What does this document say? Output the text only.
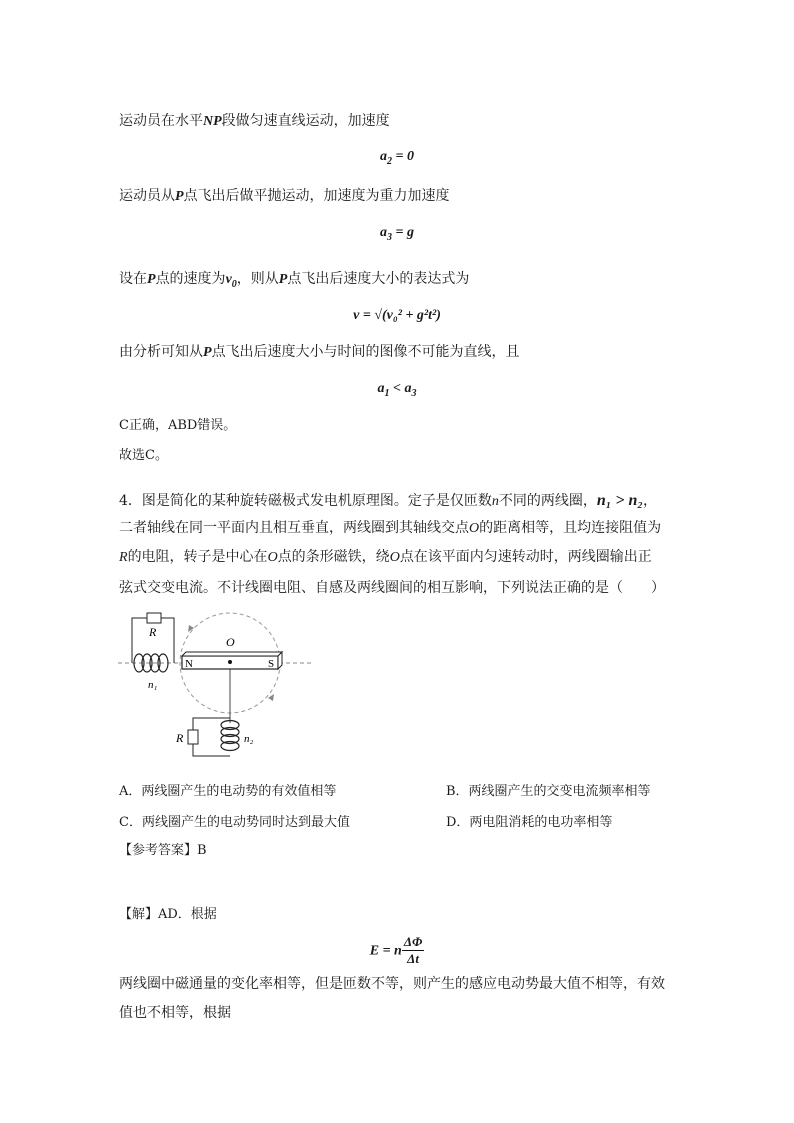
运动员在水平NP段做匀速直线运动，加速度
$a_2 = 0$
运动员从P点飞出后做平抛运动，加速度为重力加速度
$a_3 = g$
设在P点的速度为$v_0$，则从P点飞出后速度大小的表达式为
v = √(v₀² + g²t²)
由分析可知从P点飞出后速度大小与时间的图像不可能为直线，且
$a_1 < a_3$
C正确，ABD错误。
故选C。
4．图是简化的某种旋转磁极式发电机原理图。定子是仅匝数n不同的两线圈，n₁ > n₂，
二者轴线在同一平面内且相互垂直，两线圈到其轴线交点O的距离相等，且均连接阻值为
R的电阻，转子是中心在O点的条形磁铁，绕O点在该平面内匀速转动时，两线圈输出正
弦式交变电流。不计线圈电阻、自感及两线圈间的相互影响，下列说法正确的是（　　）
N	S
O
R
n₁
R	n₂
A．两线圈产生的电动势的有效值相等	B．两线圈产生的交变电流频率相等
C．两线圈产生的电动势同时达到最大值	D．两电阻消耗的电功率相等
【参考答案】B
【解】AD．根据
E = n $\frac{\Delta\Phi}{\Delta t}$
两线圈中磁通量的变化率相等，但是匝数不等，则产生的感应电动势最大值不相等，有效
值也不相等，根据
